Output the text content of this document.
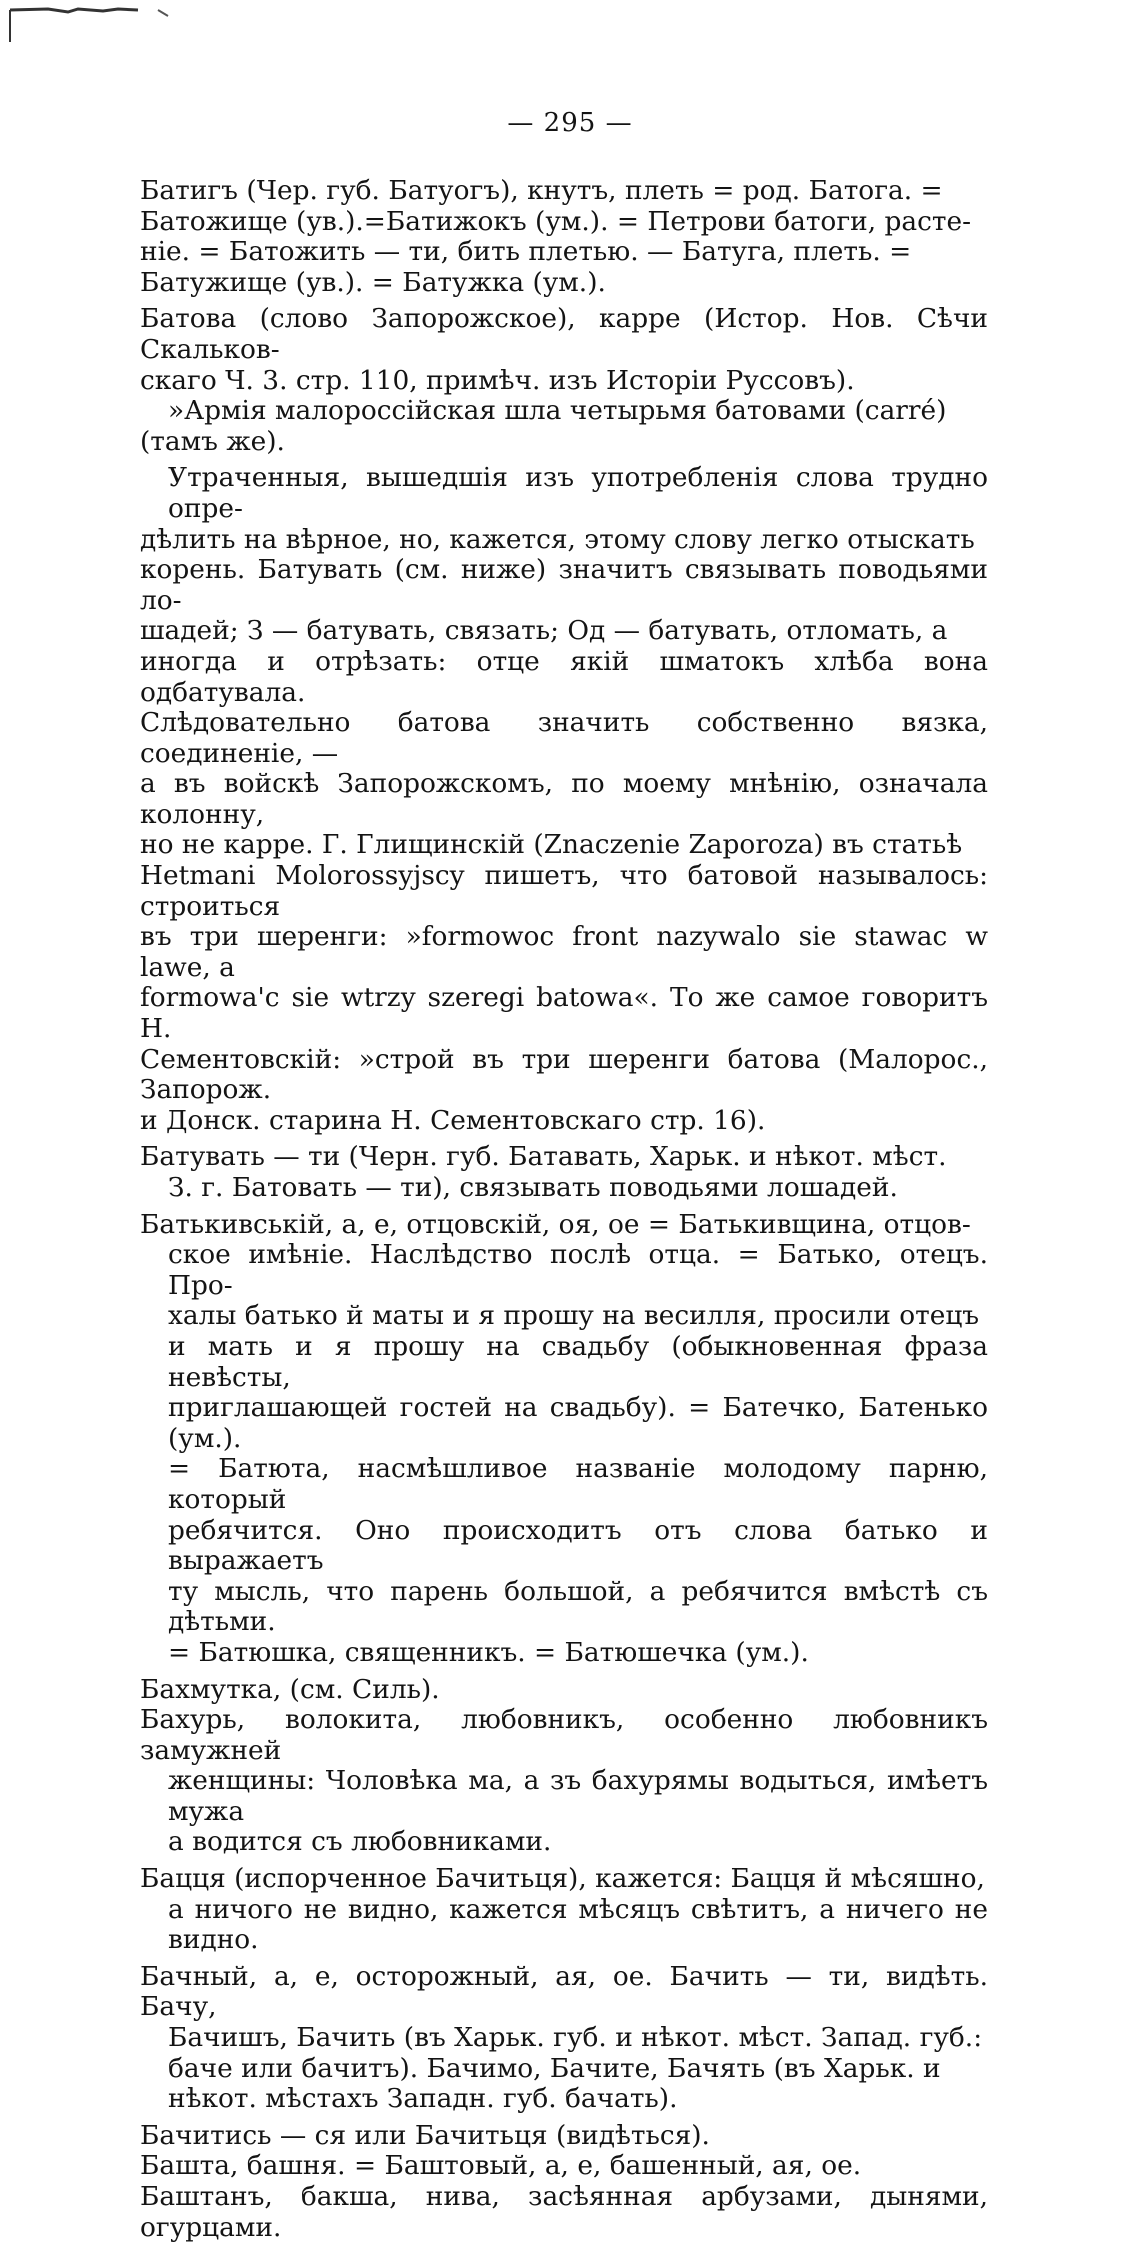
— 295 —
Батигъ (Чер. губ. Батуогъ), кнутъ, плеть = род. Батога. =
Батожище (ув.).=Батижокъ (ум.). = Петрови батоги, расте-
ніе. = Батожить — ти, бить плетью. — Батуга, плеть. =
Батужище (ув.). = Батужка (ум.).
Батова (слово Запорожское), карре (Истор. Нов. Сѣчи Скальков-
скаго Ч. 3. стр. 110, примѣч. изъ Исторіи Руссовъ).
»Армія малороссійская шла четырьмя батовами (carré)
(тамъ же).
Утраченныя, вышедшія изъ употребленія слова трудно опре-
дѣлить на вѣрное, но, кажется, этому слову легко отыскать
корень. Батувать (см. ниже) значитъ связывать поводьями ло-
шадей; З — батувать, связать; Од — батувать, отломать, а
иногда и отрѣзать: отце якій шматокъ хлѣба вона одбатувала.
Слѣдовательно батова значить собственно вязка, соединеніе, —
а въ войскѣ Запорожскомъ, по моему мнѣнію, означала колонну,
но не карре. Г. Глищинскій (Znaczenie Zaporoza) въ статьѣ
Hetmani Molorossyjscy пишетъ, что батовой называлось: строиться
въ три шеренги: »formowoc front nazywalo sie stawac w lawe, a
formowa'c sie wtrzy szeregi batowa«. То же самое говоритъ Н.
Сементовскій: »строй въ три шеренги батова (Малорос., Запорож.
и Донск. старина Н. Сементовскаго стр. 16).
Батувать — ти (Черн. губ. Батавать, Харьк. и нѣкот. мѣст.
З. г. Батовать — ти), связывать поводьями лошадей.
Батькивській, а, е, отцовскій, оя, ое = Батькивщина, отцов-
ское имѣніе. Наслѣдство послѣ отца. = Батько, отецъ. Про-
халы батько й маты и я прошу на весилля, просили отецъ
и мать и я прошу на свадьбу (обыкновенная фраза невѣсты,
приглашающей гостей на свадьбу). = Батечко, Батенько (ум.).
= Батюта, насмѣшливое названіе молодому парню, который
ребячится. Оно происходитъ отъ слова батько и выражаетъ
ту мысль, что парень большой, а ребячится вмѣстѣ съ дѣтьми.
= Батюшка, священникъ. = Батюшечка (ум.).
Бахмутка, (см. Силь).
Бахурь, волокита, любовникъ, особенно любовникъ замужней
женщины: Чоловѣка ма, а зъ бахурямы водыться, имѣетъ мужа
а водится съ любовниками.
Бацця (испорченное Бачитьця), кажется: Бацця й мѣсяшно,
а ничого не видно, кажется мѣсяцъ свѣтитъ, а ничего не видно.
Бачный, а, е, осторожный, ая, ое. Бачить — ти, видѣть. Бачу,
Бачишъ, Бачить (въ Харьк. губ. и нѣкот. мѣст. Запад. губ.:
баче или бачитъ). Бачимо, Бачите, Бачять (въ Харьк. и
нѣкот. мѣстахъ Западн. губ. бачать).
Бачитись — ся или Бачитьця (видѣться).
Башта, башня. = Баштовый, а, е, башенный, ая, ое.
Баштанъ, бакша, нива, засѣянная арбузами, дынями, огурцами.
